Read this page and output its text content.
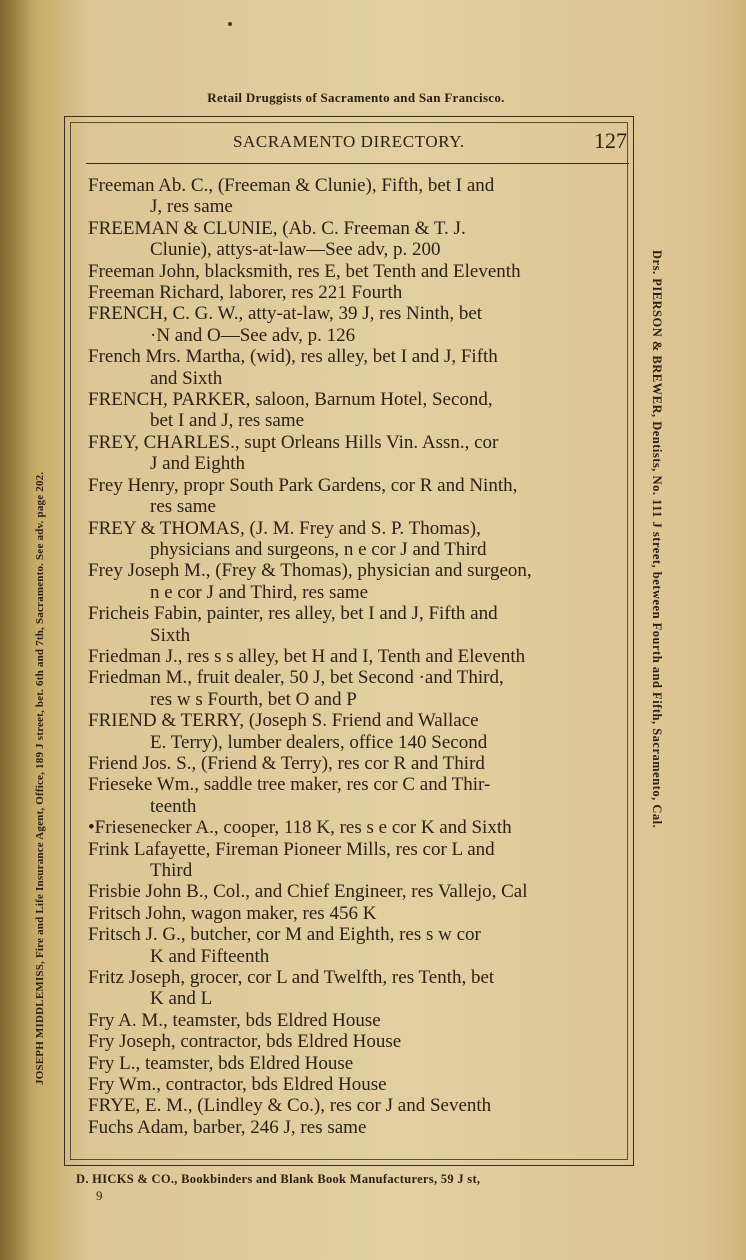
Retail Druggists of Sacramento and San Francisco.
SACRAMENTO DIRECTORY.	127
Freeman Ab. C., (Freeman & Clunie), Fifth, bet I and
J, res same
FREEMAN & CLUNIE, (Ab. C. Freeman & T. J.
Clunie), attys-at-law—See adv, p. 200
Freeman John, blacksmith, res E, bet Tenth and Eleventh
Freeman Richard, laborer, res 221 Fourth
FRENCH, C. G. W., atty-at-law, 39 J, res Ninth, bet
·N and O—See adv, p. 126
French Mrs. Martha, (wid), res alley, bet I and J, Fifth
and Sixth
FRENCH, PARKER, saloon, Barnum Hotel, Second,
bet I and J, res same
FREY, CHARLES., supt Orleans Hills Vin. Assn., cor
J and Eighth
Frey Henry, propr South Park Gardens, cor R and Ninth,
res same
FREY & THOMAS, (J. M. Frey and S. P. Thomas),
physicians and surgeons, n e cor J and Third
Frey Joseph M., (Frey & Thomas), physician and surgeon,
n e cor J and Third, res same
Fricheis Fabin, painter, res alley, bet I and J, Fifth and
Sixth
Friedman J., res s s alley, bet H and I, Tenth and Eleventh
Friedman M., fruit dealer, 50 J, bet Second ·and Third,
res w s Fourth, bet O and P
FRIEND & TERRY, (Joseph S. Friend and Wallace
E. Terry), lumber dealers, office 140 Second
Friend Jos. S., (Friend & Terry), res cor R and Third
Frieseke Wm., saddle tree maker, res cor C and Thir-
teenth
•Friesenecker A., cooper, 118 K, res s e cor K and Sixth
Frink Lafayette, Fireman Pioneer Mills, res cor L and
Third
Frisbie John B., Col., and Chief Engineer, res Vallejo, Cal
Fritsch John, wagon maker, res 456 K
Fritsch J. G., butcher, cor M and Eighth, res s w cor
K and Fifteenth
Fritz Joseph, grocer, cor L and Twelfth, res Tenth, bet
K and L
Fry A. M., teamster, bds Eldred House
Fry Joseph, contractor, bds Eldred House
Fry L., teamster, bds Eldred House
Fry Wm., contractor, bds Eldred House
FRYE, E. M., (Lindley & Co.), res cor J and Seventh
Fuchs Adam, barber, 246 J, res same
JOSEPH MIDDLEMISS, Fire and Life Insurance Agent, Office, 189 J street, bet. 6th and 7th, Sacramento. See adv. page 202.	Drs. PIERSON & BREWER, Dentists, No. 111 J street, between Fourth and Fifth, Sacramento, Cal.
D. HICKS & CO., Bookbinders and Blank Book Manufacturers, 59 J st,
9
